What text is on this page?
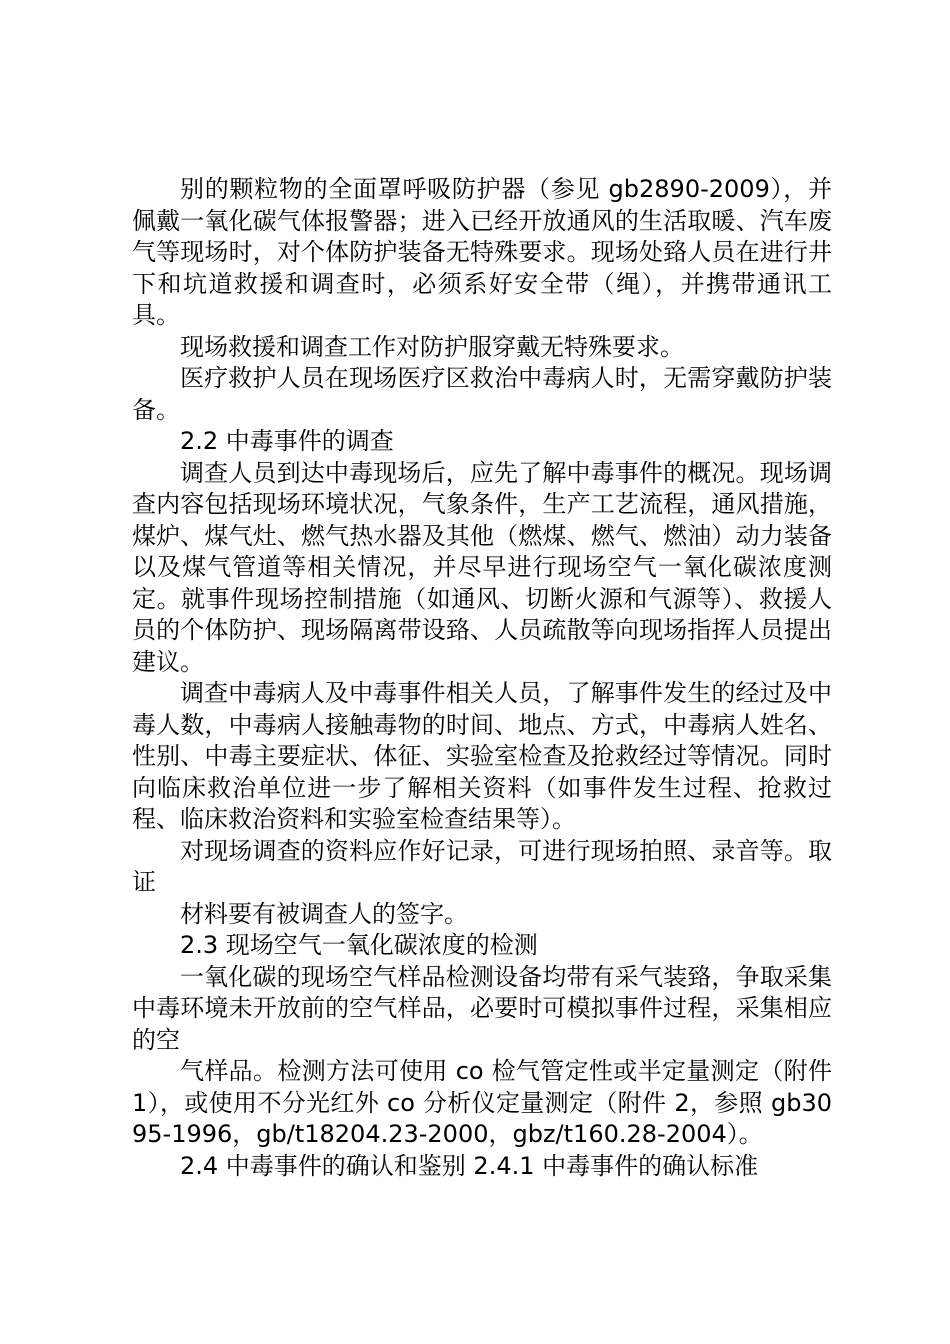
别的颗粒物的全面罩呼吸防护器（参见 gb2890-2009），并佩戴一氧化碳气体报警器；进入已经开放通风的生活取暖、汽车废气等现场时，对个体防护装备无特殊要求。现场处臵人员在进行井下和坑道救援和调查时，必须系好安全带（绳），并携带通讯工具。

现场救援和调查工作对防护服穿戴无特殊要求。

医疗救护人员在现场医疗区救治中毒病人时，无需穿戴防护装备。

2.2 中毒事件的调查

调查人员到达中毒现场后，应先了解中毒事件的概况。现场调查内容包括现场环境状况，气象条件，生产工艺流程，通风措施，煤炉、煤气灶、燃气热水器及其他（燃煤、燃气、燃油）动力装备以及煤气管道等相关情况，并尽早进行现场空气一氧化碳浓度测定。就事件现场控制措施（如通风、切断火源和气源等）、救援人员的个体防护、现场隔离带设臵、人员疏散等向现场指挥人员提出建议。

调查中毒病人及中毒事件相关人员，了解事件发生的经过及中毒人数，中毒病人接触毒物的时间、地点、方式，中毒病人姓名、性别、中毒主要症状、体征、实验室检查及抢救经过等情况。同时向临床救治单位进一步了解相关资料（如事件发生过程、抢救过程、临床救治资料和实验室检查结果等）。

对现场调查的资料应作好记录，可进行现场拍照、录音等。取证

材料要有被调查人的签字。

2.3 现场空气一氧化碳浓度的检测

一氧化碳的现场空气样品检测设备均带有采气装臵，争取采集中毒环境未开放前的空气样品，必要时可模拟事件过程，采集相应的空

气样品。检测方法可使用 co 检气管定性或半定量测定（附件 1），或使用不分光红外 co 分析仪定量测定（附件 2，参照 gb3095-1996，gb/t18204.23-2000，gbz/t160.28-2004）。

2.4 中毒事件的确认和鉴别 2.4.1 中毒事件的确认标准
